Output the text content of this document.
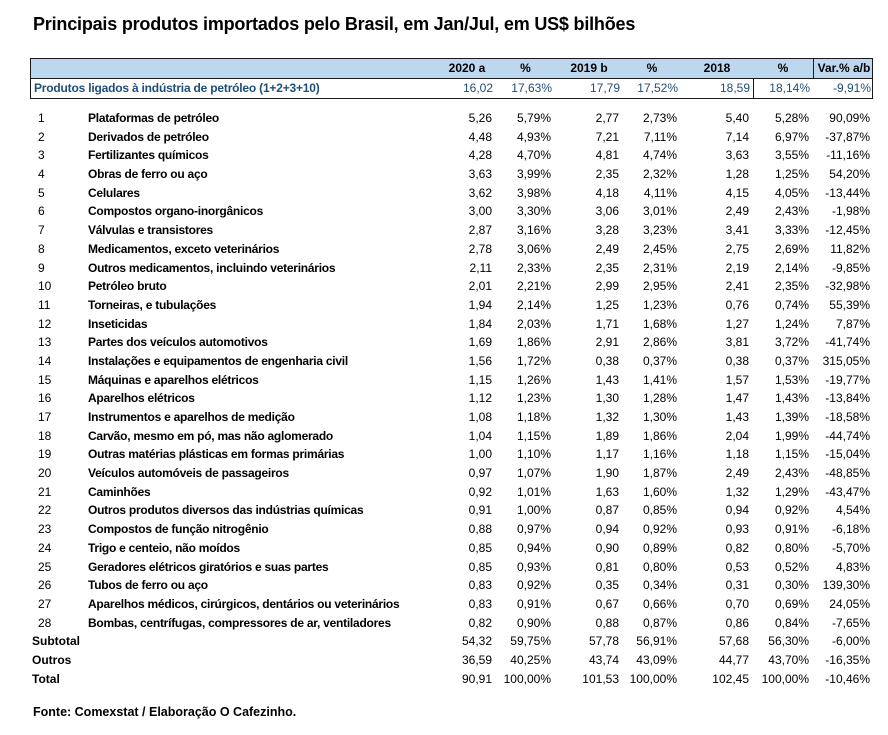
Principais produtos importados pelo Brasil, em Jan/Jul, em US$ bilhões
2020 a	%	2019 b	%	2018	%	Var.% a/b
Produtos ligados à indústria de petróleo (1+2+3+10)	16,02	17,63%	17,79	17,52%	18,59	18,14%	-9,91%
1	Plataformas de petróleo	5,26	5,79%	2,77	2,73%	5,40	5,28%	90,09%
2	Derivados de petróleo	4,48	4,93%	7,21	7,11%	7,14	6,97%	-37,87%
3	Fertilizantes químicos	4,28	4,70%	4,81	4,74%	3,63	3,55%	-11,16%
4	Obras de ferro ou aço	3,63	3,99%	2,35	2,32%	1,28	1,25%	54,20%
5	Celulares	3,62	3,98%	4,18	4,11%	4,15	4,05%	-13,44%
6	Compostos organo-inorgânicos	3,00	3,30%	3,06	3,01%	2,49	2,43%	-1,98%
7	Válvulas e transistores	2,87	3,16%	3,28	3,23%	3,41	3,33%	-12,45%
8	Medicamentos, exceto veterinários	2,78	3,06%	2,49	2,45%	2,75	2,69%	11,82%
9	Outros medicamentos, incluindo veterinários	2,11	2,33%	2,35	2,31%	2,19	2,14%	-9,85%
10	Petróleo bruto	2,01	2,21%	2,99	2,95%	2,41	2,35%	-32,98%
11	Torneiras, e tubulações	1,94	2,14%	1,25	1,23%	0,76	0,74%	55,39%
12	Inseticidas	1,84	2,03%	1,71	1,68%	1,27	1,24%	7,87%
13	Partes dos veículos automotivos	1,69	1,86%	2,91	2,86%	3,81	3,72%	-41,74%
14	Instalações e equipamentos de engenharia civil	1,56	1,72%	0,38	0,37%	0,38	0,37%	315,05%
15	Máquinas e aparelhos elétricos	1,15	1,26%	1,43	1,41%	1,57	1,53%	-19,77%
16	Aparelhos elétricos	1,12	1,23%	1,30	1,28%	1,47	1,43%	-13,84%
17	Instrumentos e aparelhos de medição	1,08	1,18%	1,32	1,30%	1,43	1,39%	-18,58%
18	Carvão, mesmo em pó, mas não aglomerado	1,04	1,15%	1,89	1,86%	2,04	1,99%	-44,74%
19	Outras matérias plásticas em formas primárias	1,00	1,10%	1,17	1,16%	1,18	1,15%	-15,04%
20	Veículos automóveis de passageiros	0,97	1,07%	1,90	1,87%	2,49	2,43%	-48,85%
21	Caminhões	0,92	1,01%	1,63	1,60%	1,32	1,29%	-43,47%
22	Outros produtos diversos das indústrias químicas	0,91	1,00%	0,87	0,85%	0,94	0,92%	4,54%
23	Compostos de função nitrogênio	0,88	0,97%	0,94	0,92%	0,93	0,91%	-6,18%
24	Trigo e centeio, não moídos	0,85	0,94%	0,90	0,89%	0,82	0,80%	-5,70%
25	Geradores elétricos giratórios e suas partes	0,85	0,93%	0,81	0,80%	0,53	0,52%	4,83%
26	Tubos de ferro ou aço	0,83	0,92%	0,35	0,34%	0,31	0,30%	139,30%
27	Aparelhos médicos, cirúrgicos, dentários ou veterinários	0,83	0,91%	0,67	0,66%	0,70	0,69%	24,05%
28	Bombas, centrífugas, compressores de ar, ventiladores	0,82	0,90%	0,88	0,87%	0,86	0,84%	-7,65%
Subtotal	54,32	59,75%	57,78	56,91%	57,68	56,30%	-6,00%
Outros	36,59	40,25%	43,74	43,09%	44,77	43,70%	-16,35%
Total	90,91 100,00%	101,53 100,00%	102,45	100,00%	-10,46%
Fonte: Comexstat / Elaboração O Cafezinho.
